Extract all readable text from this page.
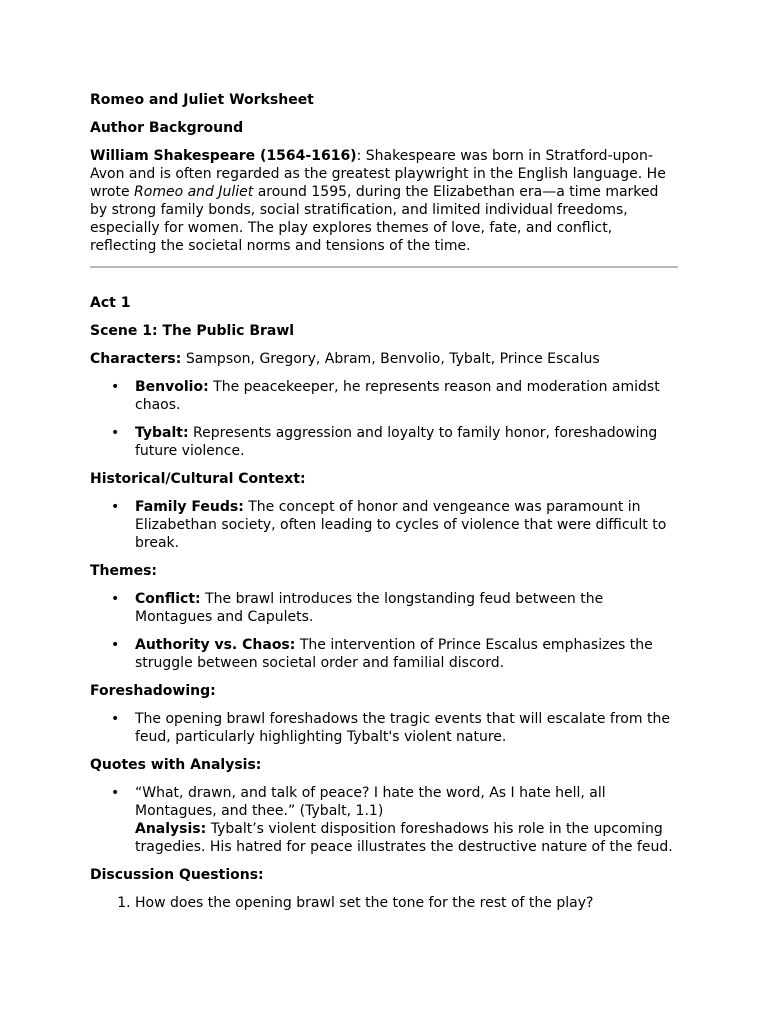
Romeo and Juliet Worksheet

Author Background

William Shakespeare (1564-1616): Shakespeare was born in Stratford-upon-Avon and is often regarded as the greatest playwright in the English language. He wrote Romeo and Juliet around 1595, during the Elizabethan era—a time marked by strong family bonds, social stratification, and limited individual freedoms, especially for women. The play explores themes of love, fate, and conflict, reflecting the societal norms and tensions of the time.

Act 1

Scene 1: The Public Brawl

Characters: Sampson, Gregory, Abram, Benvolio, Tybalt, Prince Escalus

• Benvolio: The peacekeeper, he represents reason and moderation amidst chaos.
• Tybalt: Represents aggression and loyalty to family honor, foreshadowing future violence.

Historical/Cultural Context:

• Family Feuds: The concept of honor and vengeance was paramount in Elizabethan society, often leading to cycles of violence that were difficult to break.

Themes:

• Conflict: The brawl introduces the longstanding feud between the Montagues and Capulets.
• Authority vs. Chaos: The intervention of Prince Escalus emphasizes the struggle between societal order and familial discord.

Foreshadowing:

• The opening brawl foreshadows the tragic events that will escalate from the feud, particularly highlighting Tybalt's violent nature.

Quotes with Analysis:

• “What, drawn, and talk of peace? I hate the word, As I hate hell, all Montagues, and thee.” (Tybalt, 1.1)
Analysis: Tybalt’s violent disposition foreshadows his role in the upcoming tragedies. His hatred for peace illustrates the destructive nature of the feud.

Discussion Questions:

1. How does the opening brawl set the tone for the rest of the play?
